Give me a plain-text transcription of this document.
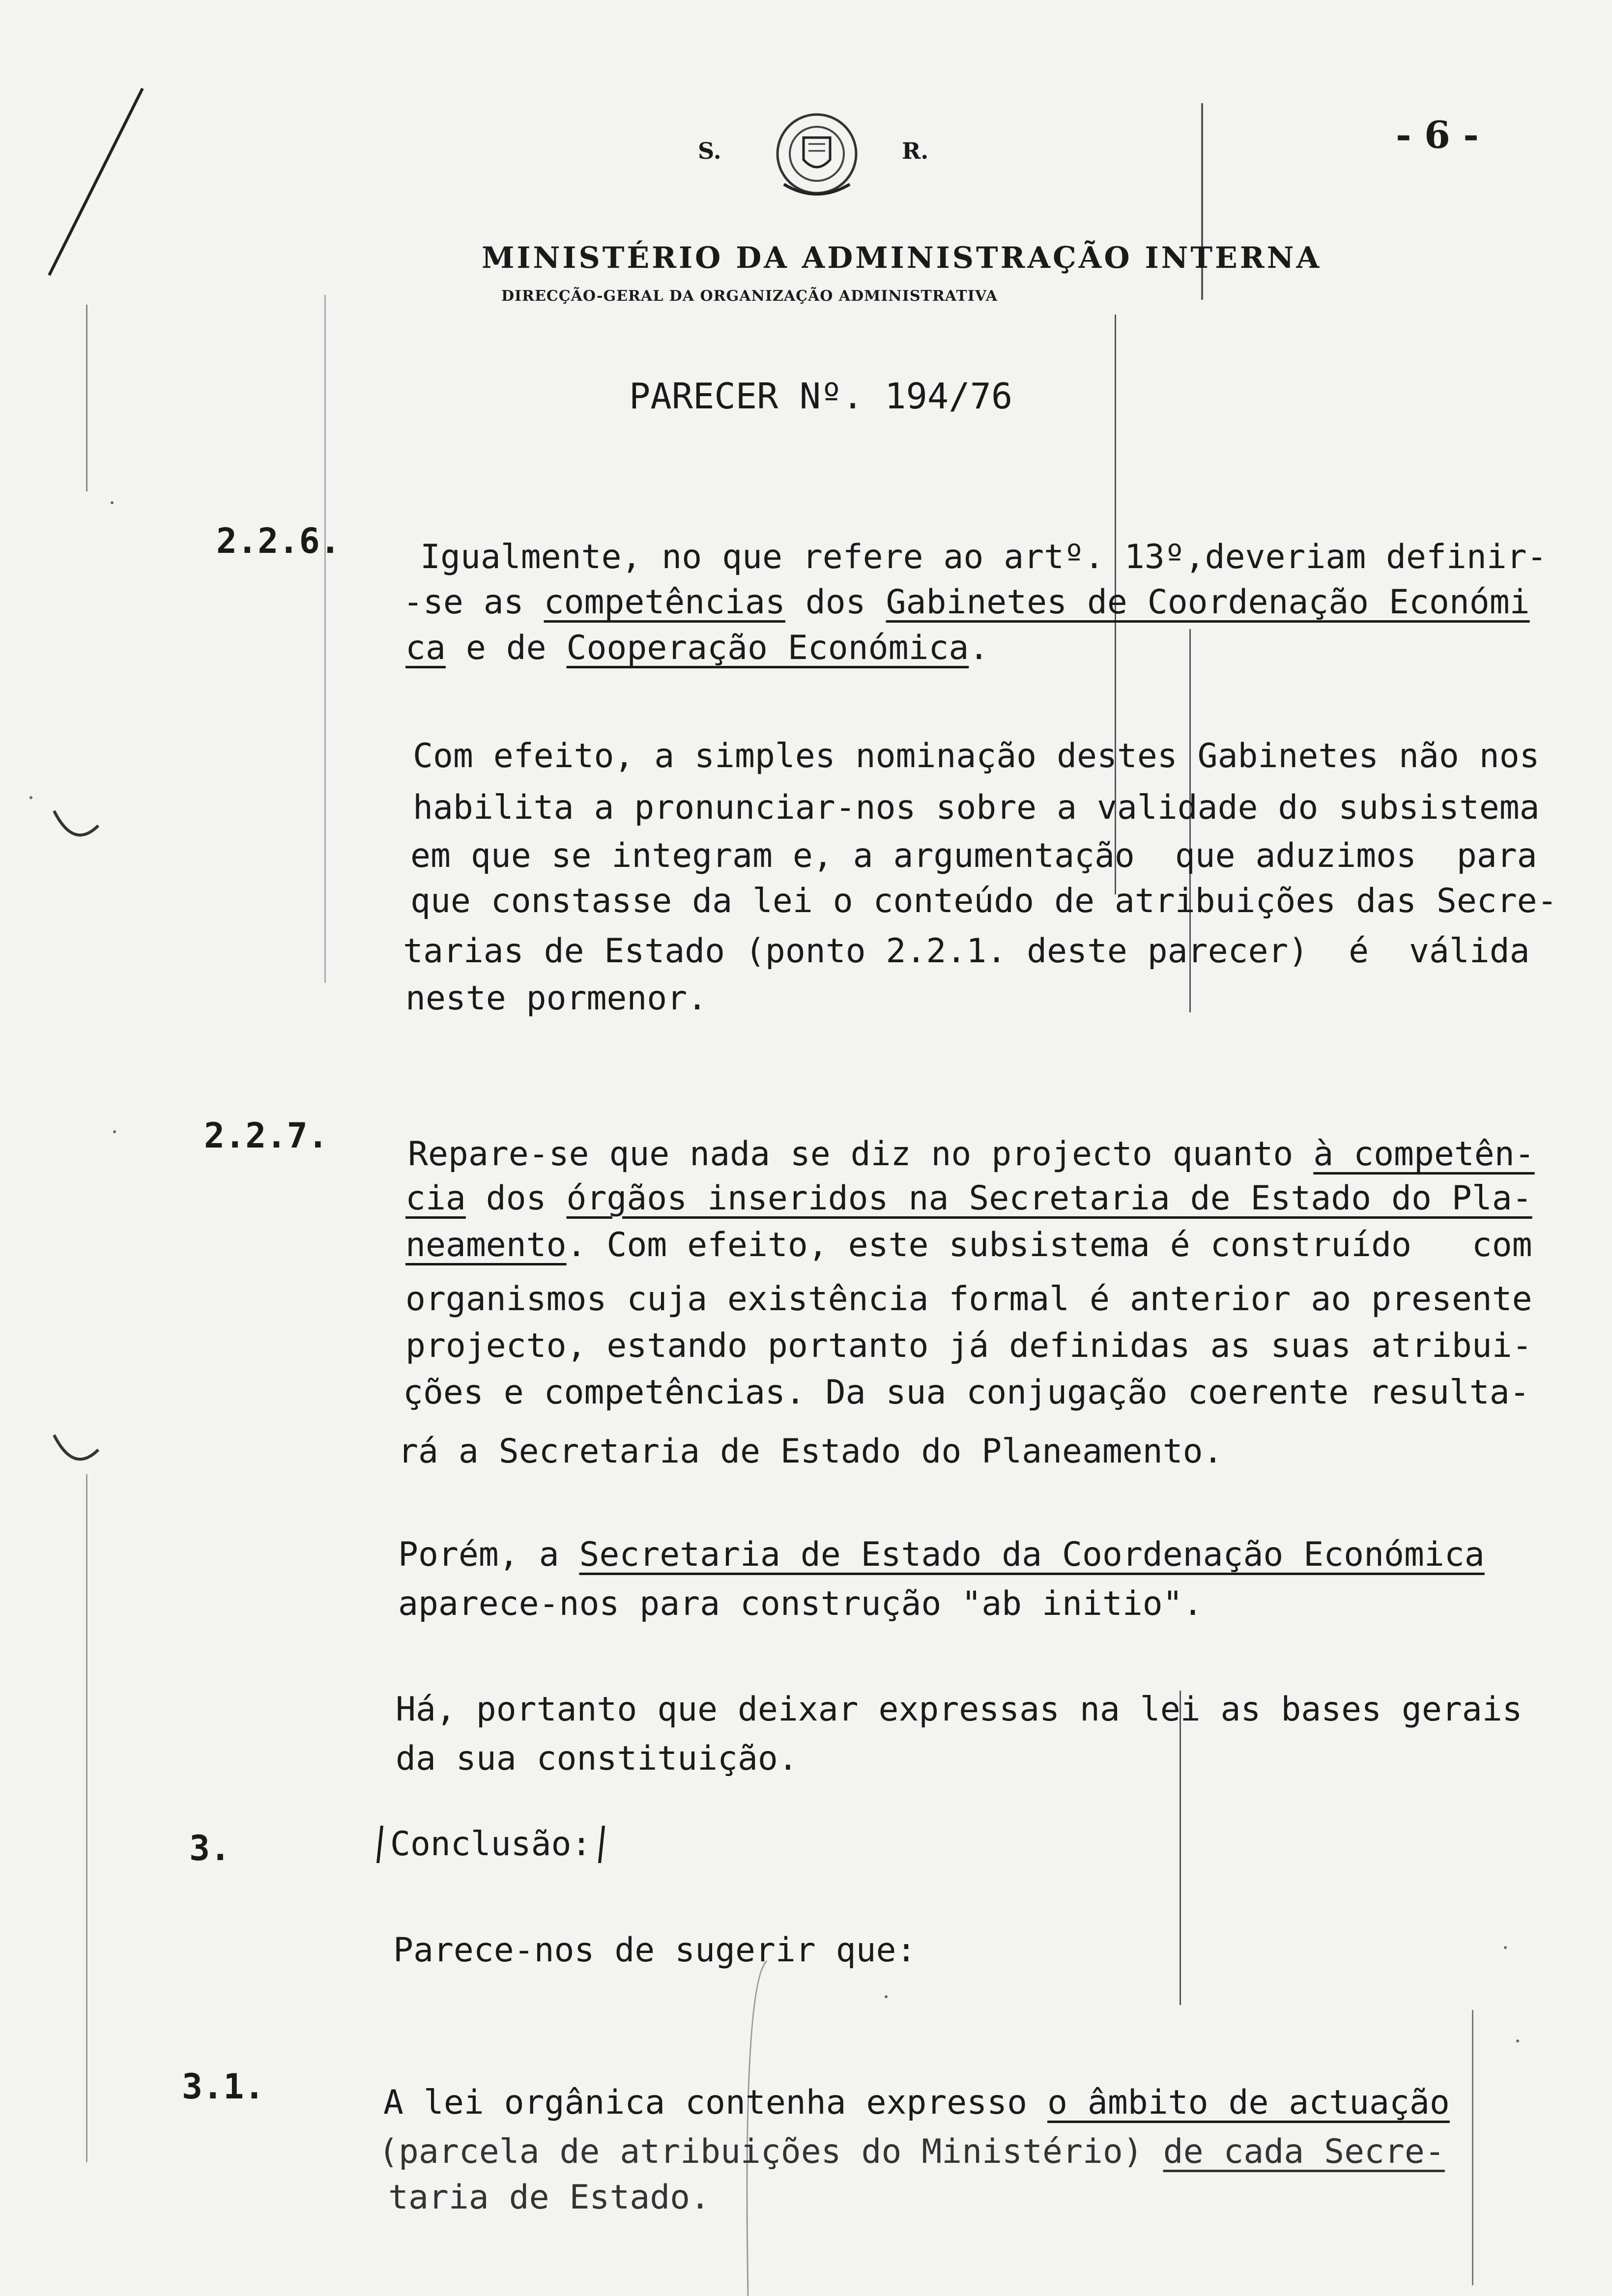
- 6 -
S.	R.
MINISTÉRIO DA ADMINISTRAÇÃO INTERNA
DIRECÇÃO-GERAL DA ORGANIZAÇÃO ADMINISTRATIVA
PARECER Nº. 194/76
2.2.6. Igualmente, no que refere ao artº. 13º,deveriam definir-
-se as competências dos Gabinetes de Coordenação Económi
ca e de Cooperação Económica.
Com efeito, a simples nominação destes Gabinetes não nos
habilita a pronunciar-nos sobre a validade do subsistema
em que se integram e, a argumentação  que aduzimos  para
que constasse da lei o conteúdo de atribuições das Secre-
tarias de Estado (ponto 2.2.1. deste parecer)  é  válida
neste pormenor.
2.2.7. Repare-se que nada se diz no projecto quanto à competên-
cia dos órgãos inseridos na Secretaria de Estado do Pla-
neamento. Com efeito, este subsistema é construído   com
organismos cuja existência formal é anterior ao presente
projecto, estando portanto já definidas as suas atribui-
ções e competências. Da sua conjugação coerente resulta-
rá a Secretaria de Estado do Planeamento.
Porém, a Secretaria de Estado da Coordenação Económica
aparece-nos para construção "ab initio".
Há, portanto que deixar expressas na lei as bases gerais
da sua constituição.
3.	Conclusão:
Parece-nos de sugerir que:
3.1.	A lei orgânica contenha expresso o âmbito de actuação
(parcela de atribuições do Ministério) de cada Secre-
taria de Estado.
